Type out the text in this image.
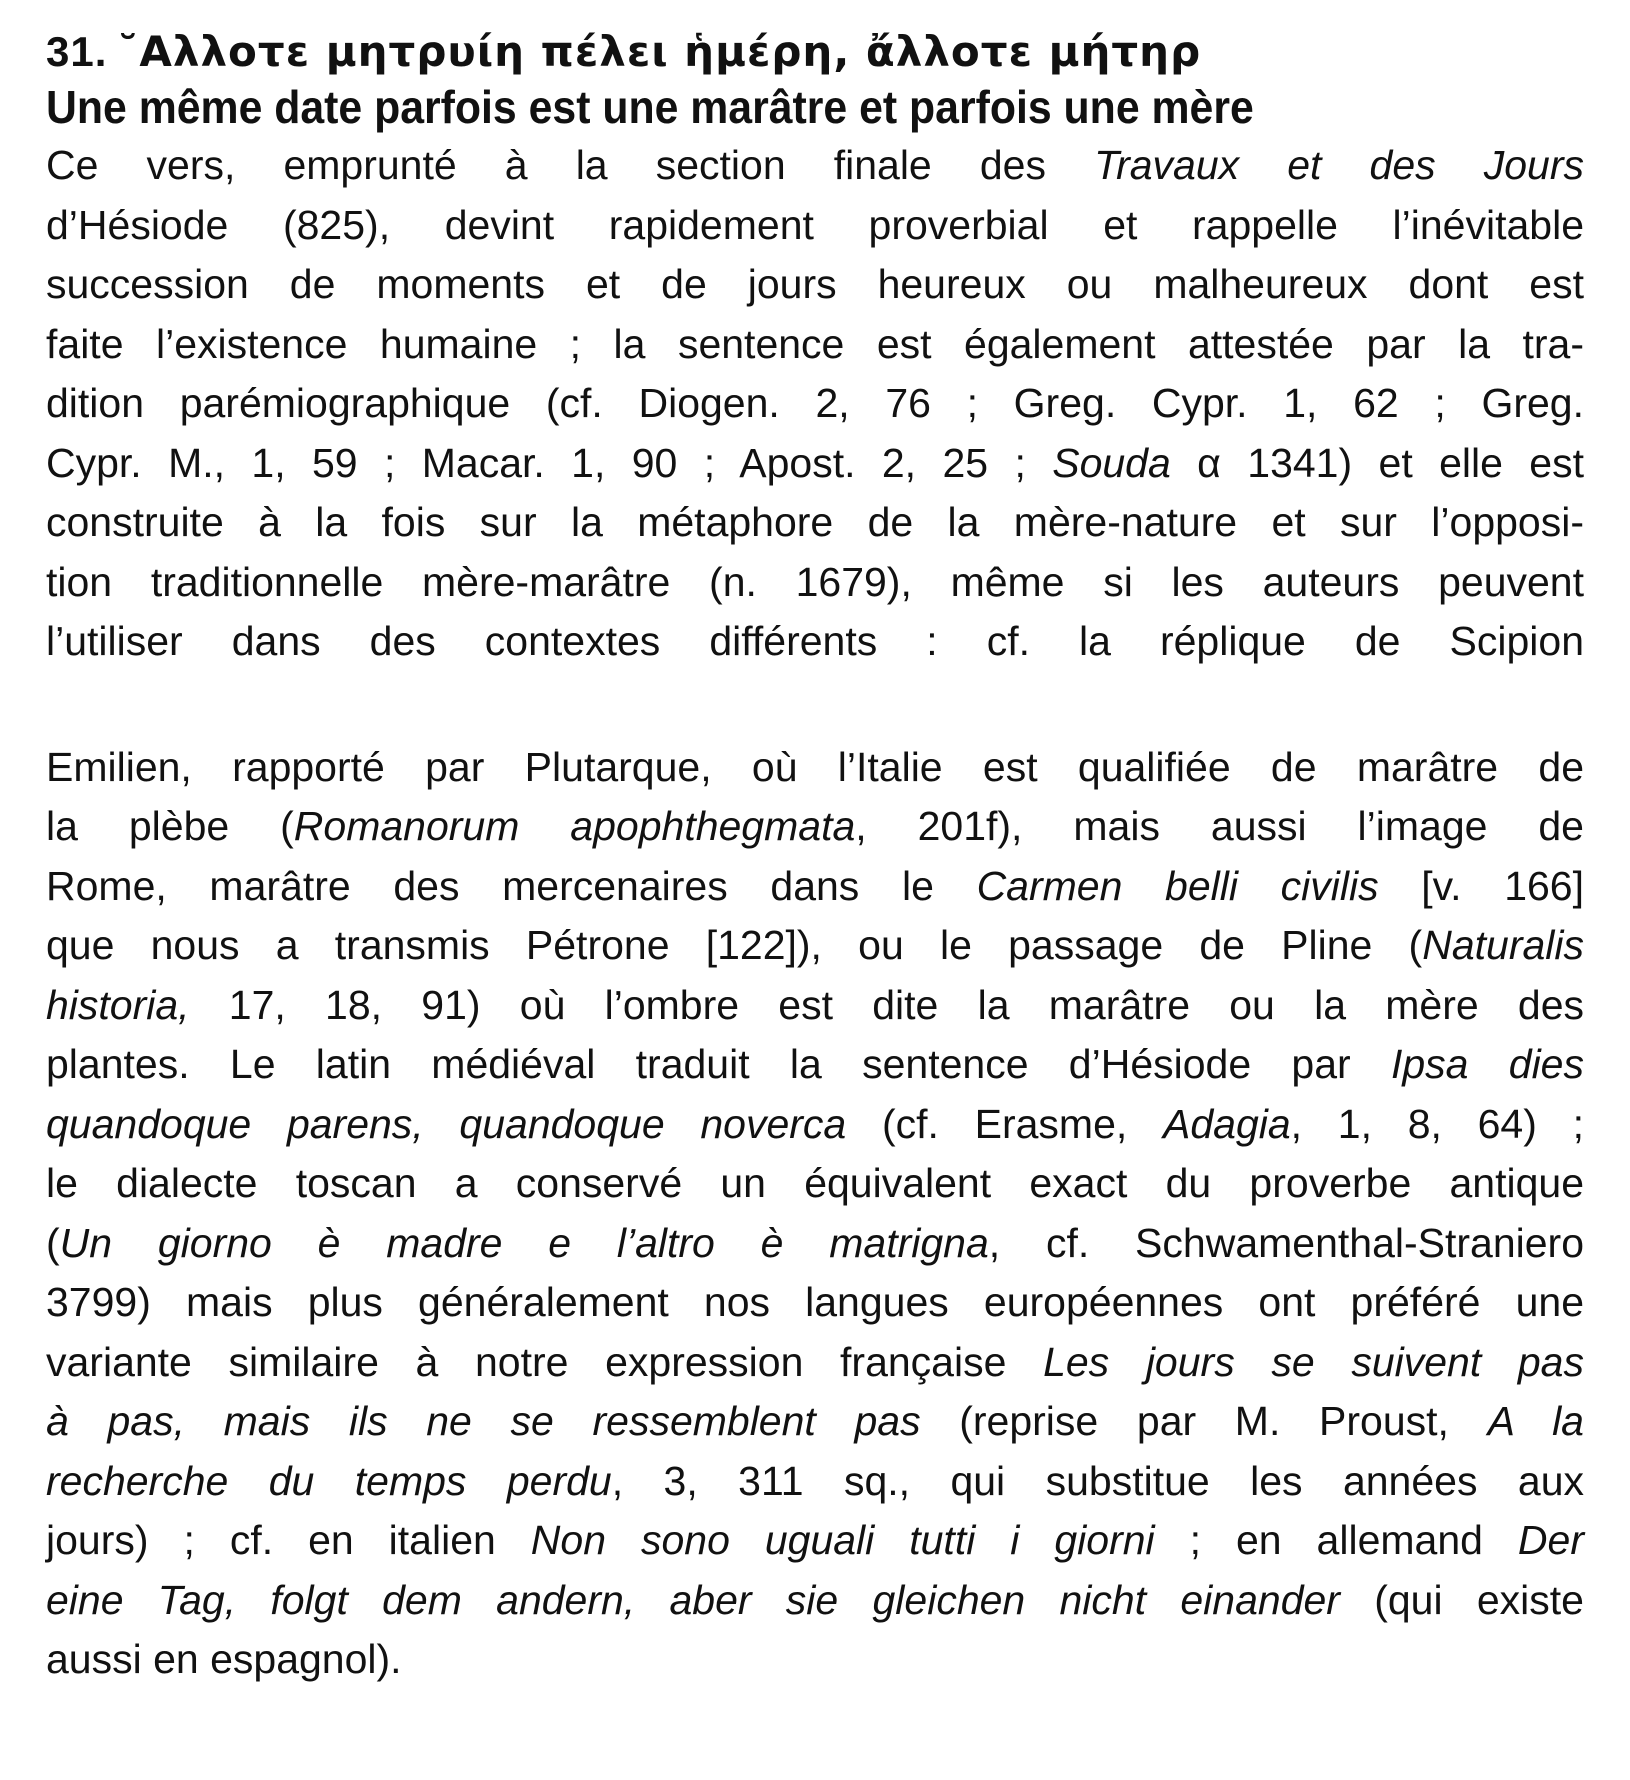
31. ˘Αλλοτε μητρυίη πέλει ἡμέρη, ἄλλοτε μήτηρ
Une même date parfois est une marâtre et parfois une mère
Ce vers, emprunté à la section finale des Travaux et des Jours
d’Hésiode (825), devint rapidement proverbial et rappelle l’inévitable
succession de moments et de jours heureux ou malheureux dont est
faite l’existence humaine ; la sentence est également attestée par la tra-
dition parémiographique (cf. Diogen. 2, 76 ; Greg. Cypr. 1, 62 ; Greg.
Cypr. M., 1, 59 ; Macar. 1, 90 ; Apost. 2, 25 ; Souda α 1341) et elle est
construite à la fois sur la métaphore de la mère-nature et sur l’opposi-
tion traditionnelle mère-marâtre (n. 1679), même si les auteurs peuvent
l’utiliser dans des contextes différents : cf. la réplique de Scipion
Emilien, rapporté par Plutarque, où l’Italie est qualifiée de marâtre de
la plèbe (Romanorum apophthegmata, 201f), mais aussi l’image de
Rome, marâtre des mercenaires dans le Carmen belli civilis [v. 166]
que nous a transmis Pétrone [122]), ou le passage de Pline (Naturalis
historia, 17, 18, 91) où l’ombre est dite la marâtre ou la mère des
plantes. Le latin médiéval traduit la sentence d’Hésiode par Ipsa dies
quandoque parens, quandoque noverca (cf. Erasme, Adagia, 1, 8, 64) ;
le dialecte toscan a conservé un équivalent exact du proverbe antique
(Un giorno è madre e l’altro è matrigna, cf. Schwamenthal-Straniero
3799) mais plus généralement nos langues européennes ont préféré une
variante similaire à notre expression française Les jours se suivent pas
à pas, mais ils ne se ressemblent pas (reprise par M. Proust, A la
recherche du temps perdu, 3, 311 sq., qui substitue les années aux
jours) ; cf. en italien Non sono uguali tutti i giorni ; en allemand Der
eine Tag, folgt dem andern, aber sie gleichen nicht einander (qui existe
aussi en espagnol).
